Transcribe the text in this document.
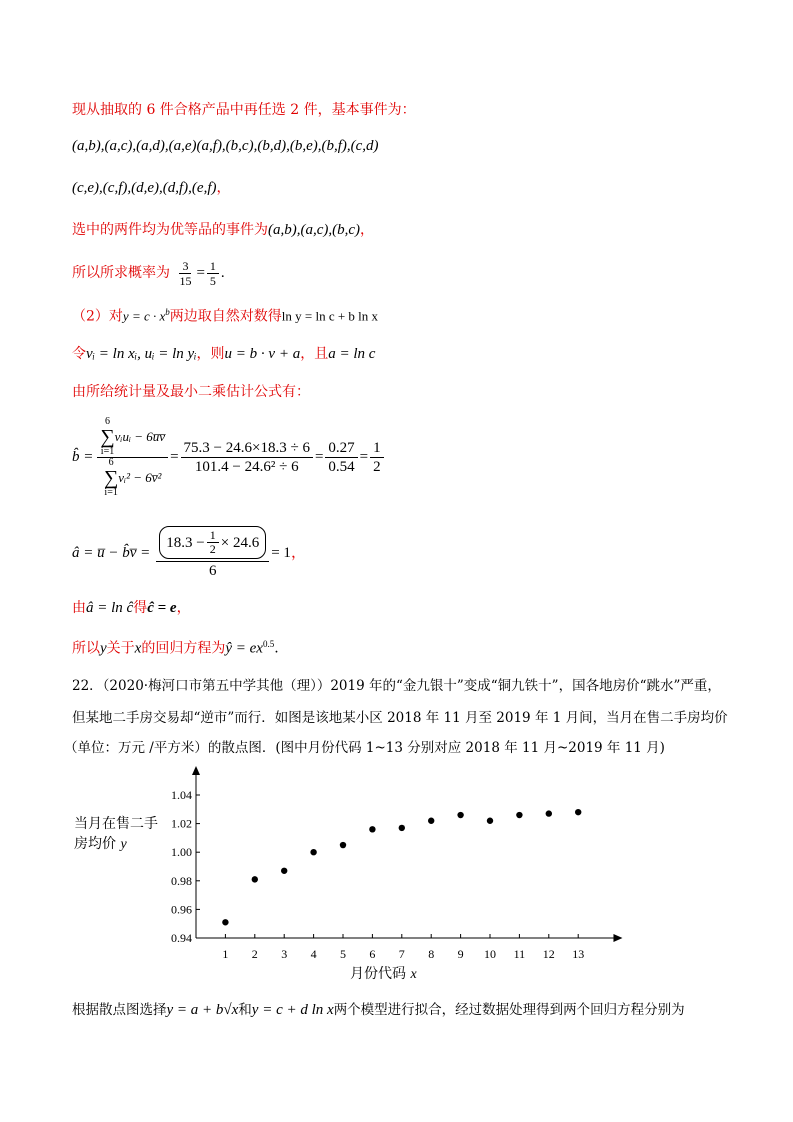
现从抽取的 6 件合格产品中再任选 2 件，基本事件为：
(a,b),(a,c),(a,d),(a,e)(a,f),(b,c),(b,d),(b,e),(b,f),(c,d)
(c,e),(c,f),(d,e),(d,f),(e,f)，
选中的两件均为优等品的事件为(a,b),(a,c),(b,c)，
所以所求概率为 $\frac{3}{15} = \frac{1}{5}$ .
（2）对$y = c \cdot x^b$两边取自然对数得ln y = ln c + b ln x
令vᵢ = ln xᵢ, uᵢ = ln yᵢ，则u = b · v + a，且a = ln c
由所给统计量及最小二乘估计公式有：
b̂ = 6
∑
i=1
vᵢuᵢ − 6u̅v̅
6
∑
i=1
vᵢ² − 6v̅² = $\frac{75.3 - 24.6\times 18.3 \div 6}{\text{101.4 − 24.6² ÷ 6}} = \frac{0.27}{0.54} = \frac{1}{2}$
â = u̅ − b̂v̅ =
$18.3 - \frac{1}{2} \times 24.6$
6
= 1 ，
由â = ln ĉ得ĉ = e，
所以y关于x的回归方程为ŷ = $ex^{0.5}$.
22．（2020·梅河口市第五中学其他（理））2019 年的“金九银十”变成“铜九铁十”，国各地房价“跳水”严重，
但某地二手房交易却“逆市”而行．如图是该地某小区 2018 年 11 月至 2019 年 1 月间，当月在售二手房均价
（单位：万元 /平方米）的散点图．(图中月份代码 1~13 分别对应 2018 年 11 月~2019 年 11 月)
当月在售二手
房均价 y
0.94
0.96
0.98
1.00
1.02
1.04
1 2 3 4 5 6 7 8 9 10 11 12 13
月份代码 x
根据散点图选择y = a + b√x和y = c + d ln x两个模型进行拟合，经过数据处理得到两个回归方程分别为
